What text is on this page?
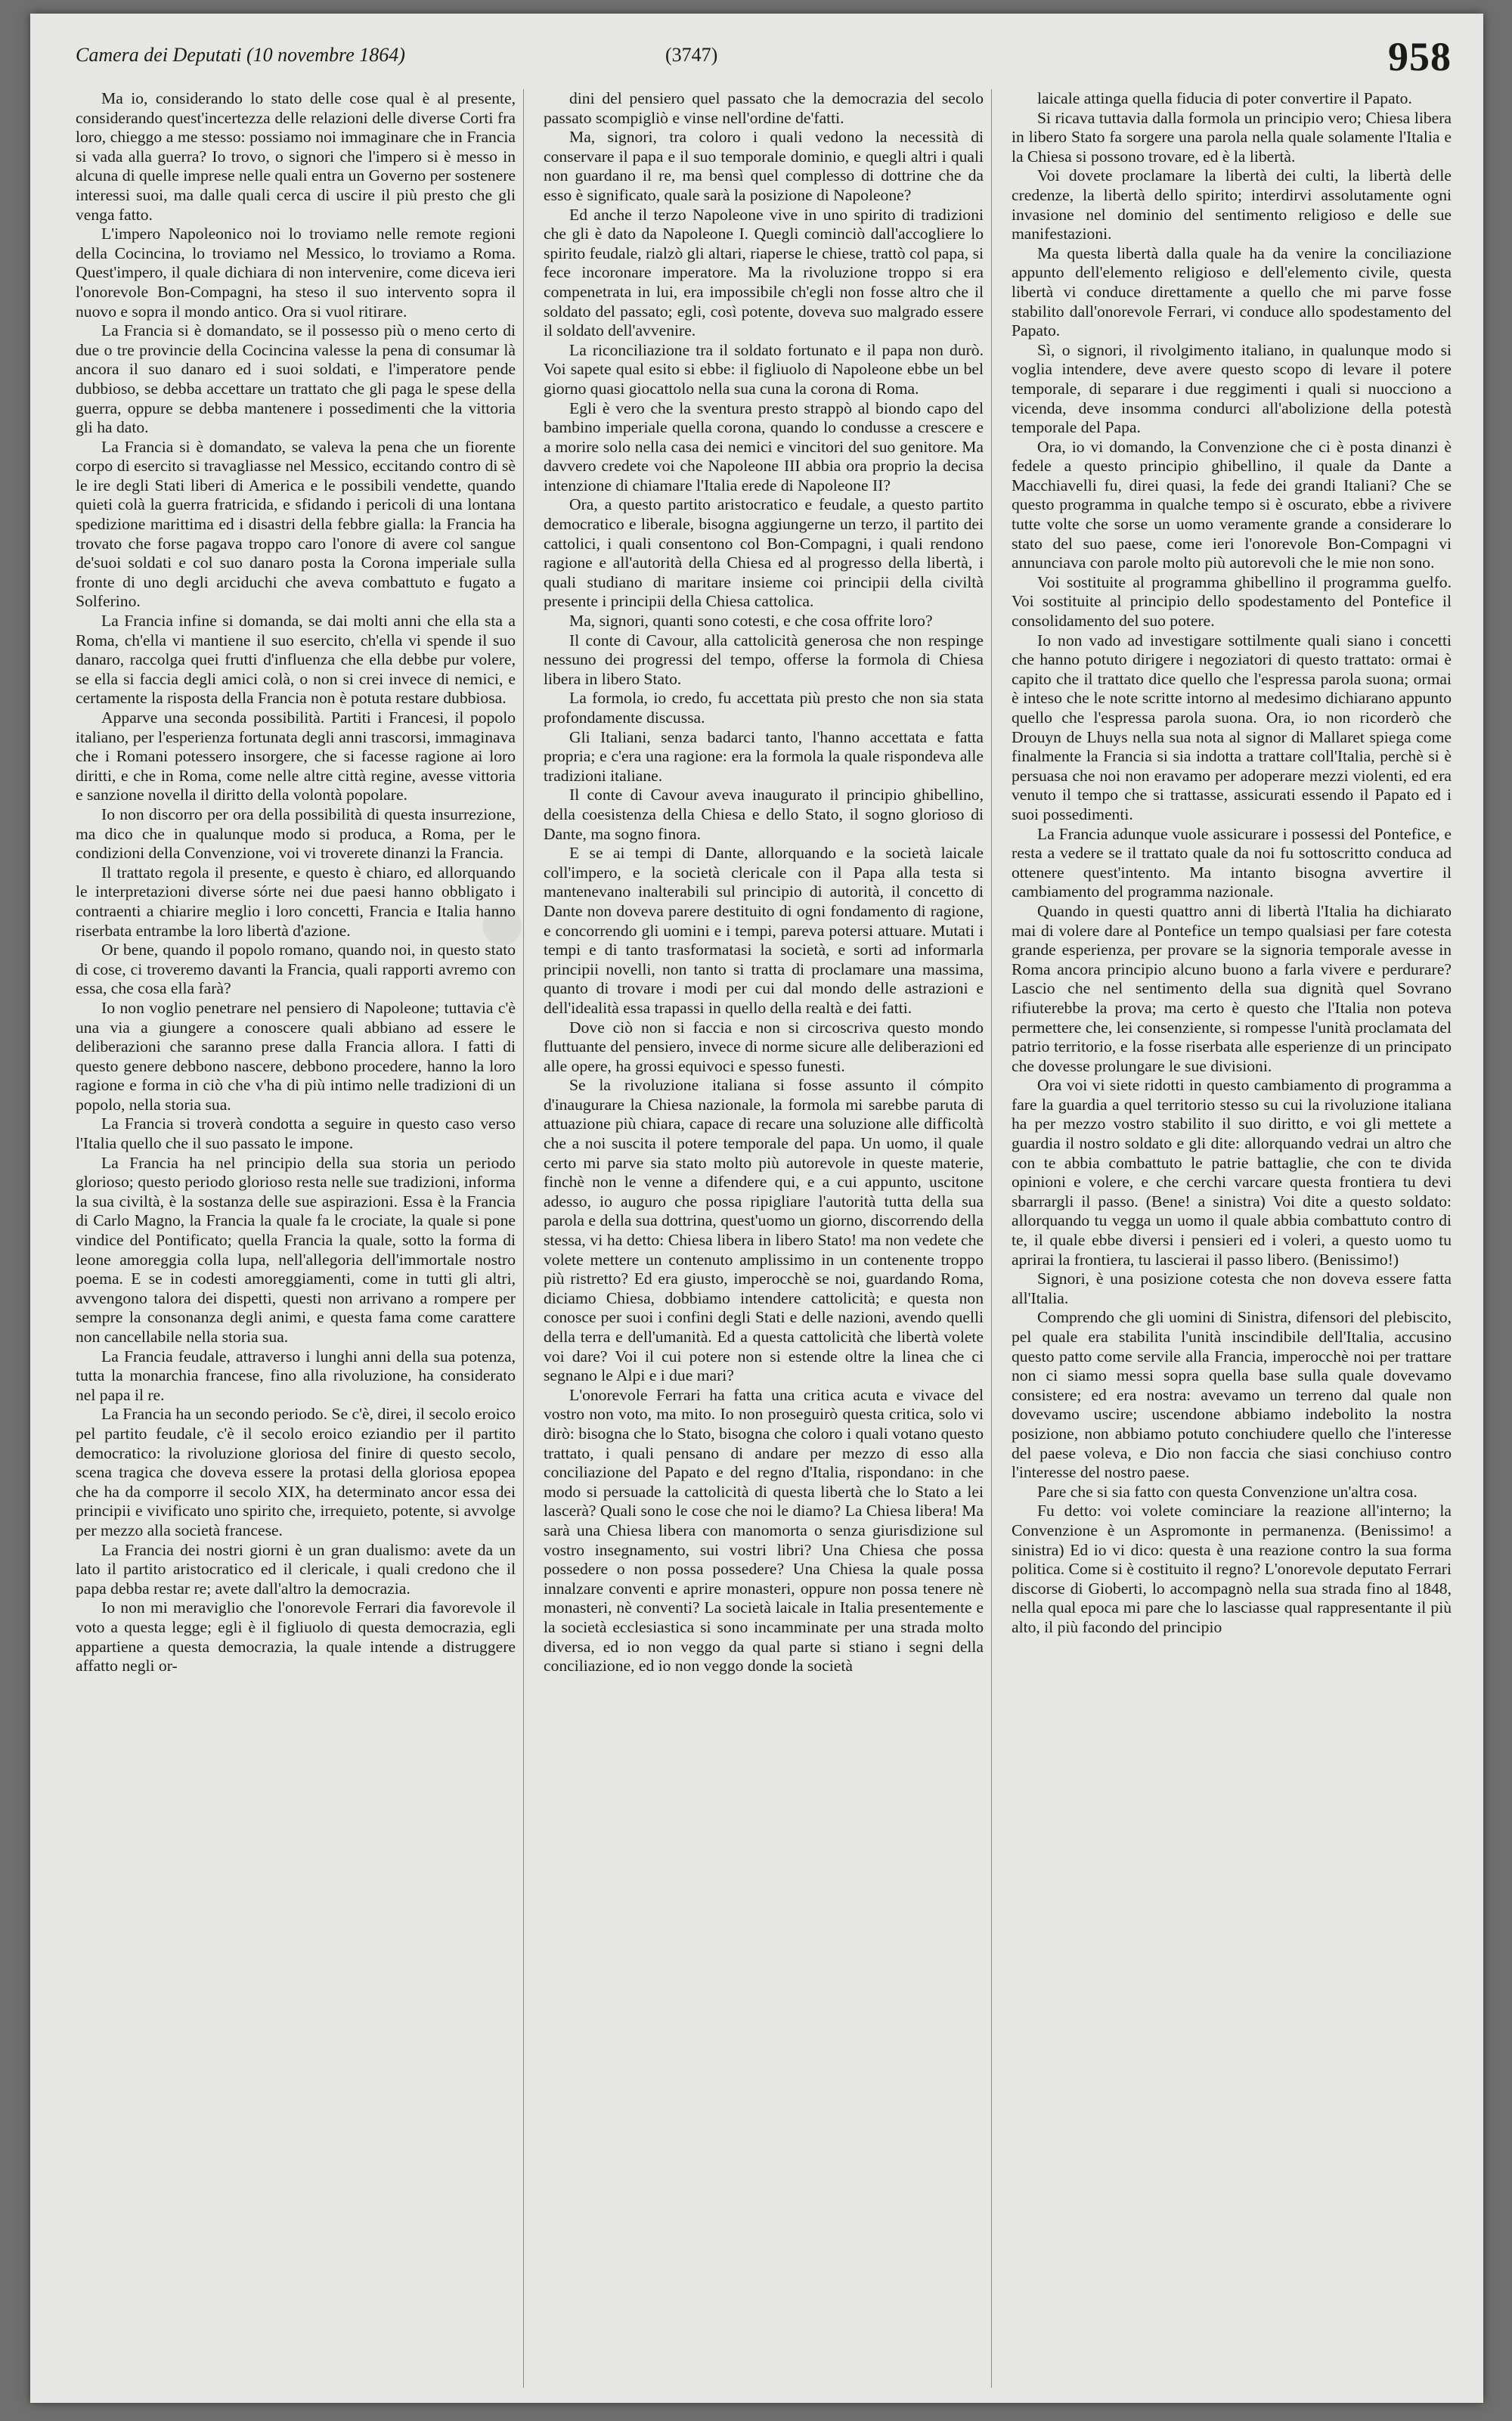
●
Camera dei Deputati (10 novembre 1864)	(3747)	958

Ma io, considerando lo stato delle cose qual è al presente, considerando quest'incertezza delle relazioni delle diverse Corti fra loro, chieggo a me stesso: possiamo noi immaginare che in Francia si vada alla guerra? Io trovo, o signori che l'impero si è messo in alcuna di quelle imprese nelle quali entra un Governo per sostenere interessi suoi, ma dalle quali cerca di uscire il più presto che gli venga fatto.

L'impero Napoleonico noi lo troviamo nelle remote regioni della Cocincina, lo troviamo nel Messico, lo troviamo a Roma. Quest'impero, il quale dichiara di non intervenire, come diceva ieri l'onorevole Bon-Compagni, ha steso il suo intervento sopra il nuovo e sopra il mondo antico. Ora si vuol ritirare.

La Francia si è domandato, se il possesso più o meno certo di due o tre provincie della Cocincina valesse la pena di consumar là ancora il suo danaro ed i suoi soldati, e l'imperatore pende dubbioso, se debba accettare un trattato che gli paga le spese della guerra, oppure se debba mantenere i possedimenti che la vittoria gli ha dato.

La Francia si è domandato, se valeva la pena che un fiorente corpo di esercito si travagliasse nel Messico, eccitando contro di sè le ire degli Stati liberi di America e le possibili vendette, quando quieti colà la guerra fratricida, e sfidando i pericoli di una lontana spedizione marittima ed i disastri della febbre gialla: la Francia ha trovato che forse pagava troppo caro l'onore di avere col sangue de'suoi soldati e col suo danaro posta la Corona imperiale sulla fronte di uno degli arciduchi che aveva combattuto e fugato a Solferino.

La Francia infine si domanda, se dai molti anni che ella sta a Roma, ch'ella vi mantiene il suo esercito, ch'ella vi spende il suo danaro, raccolga quei frutti d'influenza che ella debbe pur volere, se ella si faccia degli amici colà, o non si crei invece di nemici, e certamente la risposta della Francia non è potuta restare dubbiosa.

Apparve una seconda possibilità. Partiti i Francesi, il popolo italiano, per l'esperienza fortunata degli anni trascorsi, immaginava che i Romani potessero insorgere, che si facesse ragione ai loro diritti, e che in Roma, come nelle altre città regine, avesse vittoria e sanzione novella il diritto della volontà popolare.

Io non discorro per ora della possibilità di questa insurrezione, ma dico che in qualunque modo si produca, a Roma, per le condizioni della Convenzione, voi vi troverete dinanzi la Francia.

Il trattato regola il presente, e questo è chiaro, ed allorquando le interpretazioni diverse sórte nei due paesi hanno obbligato i contraenti a chiarire meglio i loro concetti, Francia e Italia hanno riserbata entrambe la loro libertà d'azione.

Or bene, quando il popolo romano, quando noi, in questo stato di cose, ci troveremo davanti la Francia, quali rapporti avremo con essa, che cosa ella farà?

Io non voglio penetrare nel pensiero di Napoleone; tuttavia c'è una via a giungere a conoscere quali abbiano ad essere le deliberazioni che saranno prese dalla Francia allora. I fatti di questo genere debbono nascere, debbono procedere, hanno la loro ragione e forma in ciò che v'ha di più intimo nelle tradizioni di un popolo, nella storia sua.

La Francia si troverà condotta a seguire in questo caso verso l'Italia quello che il suo passato le impone.

La Francia ha nel principio della sua storia un periodo glorioso; questo periodo glorioso resta nelle sue tradizioni, informa la sua civiltà, è la sostanza delle sue aspirazioni. Essa è la Francia di Carlo Magno, la Francia la quale fa le crociate, la quale si pone vindice del Pontificato; quella Francia la quale, sotto la forma di leone amoreggia colla lupa, nell'allegoria dell'immortale nostro poema. E se in codesti amoreggiamenti, come in tutti gli altri, avvengono talora dei dispetti, questi non arrivano a rompere per sempre la consonanza degli animi, e questa fama come carattere non cancellabile nella storia sua.

La Francia feudale, attraverso i lunghi anni della sua potenza, tutta la monarchia francese, fino alla rivoluzione, ha considerato nel papa il re.

La Francia ha un secondo periodo. Se c'è, direi, il secolo eroico pel partito feudale, c'è il secolo eroico eziandio per il partito democratico: la rivoluzione gloriosa del finire di questo secolo, scena tragica che doveva essere la protasi della gloriosa epopea che ha da comporre il secolo XIX, ha determinato ancor essa dei principii e vivificato uno spirito che, irrequieto, potente, si avvolge per mezzo alla società francese.

La Francia dei nostri giorni è un gran dualismo: avete da un lato il partito aristocratico ed il clericale, i quali credono che il papa debba restar re; avete dall'altro la democrazia.

Io non mi meraviglio che l'onorevole Ferrari dia favorevole il voto a questa legge; egli è il figliuolo di questa democrazia, egli appartiene a questa democrazia, la quale intende a distruggere affatto negli or-

dini del pensiero quel passato che la democrazia del secolo passato scompigliò e vinse nell'ordine de'fatti.

Ma, signori, tra coloro i quali vedono la necessità di conservare il papa e il suo temporale dominio, e quegli altri i quali non guardano il re, ma bensì quel complesso di dottrine che da esso è significato, quale sarà la posizione di Napoleone?

Ed anche il terzo Napoleone vive in uno spirito di tradizioni che gli è dato da Napoleone I. Quegli cominciò dall'accogliere lo spirito feudale, rialzò gli altari, riaperse le chiese, trattò col papa, si fece incoronare imperatore. Ma la rivoluzione troppo si era compenetrata in lui, era impossibile ch'egli non fosse altro che il soldato del passato; egli, così potente, doveva suo malgrado essere il soldato dell'avvenire.

La riconciliazione tra il soldato fortunato e il papa non durò. Voi sapete qual esito si ebbe: il figliuolo di Napoleone ebbe un bel giorno quasi giocattolo nella sua cuna la corona di Roma.

Egli è vero che la sventura presto strappò al biondo capo del bambino imperiale quella corona, quando lo condusse a crescere e a morire solo nella casa dei nemici e vincitori del suo genitore. Ma davvero credete voi che Napoleone III abbia ora proprio la decisa intenzione di chiamare l'Italia erede di Napoleone II?

Ora, a questo partito aristocratico e feudale, a questo partito democratico e liberale, bisogna aggiungerne un terzo, il partito dei cattolici, i quali consentono col Bon-Compagni, i quali rendono ragione e all'autorità della Chiesa ed al progresso della libertà, i quali studiano di maritare insieme coi principii della civiltà presente i principii della Chiesa cattolica.

Ma, signori, quanti sono cotesti, e che cosa offrite loro?

Il conte di Cavour, alla cattolicità generosa che non respinge nessuno dei progressi del tempo, offerse la formola di Chiesa libera in libero Stato.

La formola, io credo, fu accettata più presto che non sia stata profondamente discussa.

Gli Italiani, senza badarci tanto, l'hanno accettata e fatta propria; e c'era una ragione: era la formola la quale rispondeva alle tradizioni italiane.

Il conte di Cavour aveva inaugurato il principio ghibellino, della coesistenza della Chiesa e dello Stato, il sogno glorioso di Dante, ma sogno finora.

E se ai tempi di Dante, allorquando e la società laicale coll'impero, e la società clericale con il Papa alla testa si mantenevano inalterabili sul principio di autorità, il concetto di Dante non doveva parere destituito di ogni fondamento di ragione, e concorrendo gli uomini e i tempi, pareva potersi attuare. Mutati i tempi e di tanto trasformatasi la società, e sorti ad informarla principii novelli, non tanto si tratta di proclamare una massima, quanto di trovare i modi per cui dal mondo delle astrazioni e dell'idealità essa trapassi in quello della realtà e dei fatti.

Dove ciò non si faccia e non si circoscriva questo mondo fluttuante del pensiero, invece di norme sicure alle deliberazioni ed alle opere, ha grossi equivoci e spesso funesti.

Se la rivoluzione italiana si fosse assunto il cómpito d'inaugurare la Chiesa nazionale, la formola mi sarebbe paruta di attuazione più chiara, capace di recare una soluzione alle difficoltà che a noi suscita il potere temporale del papa. Un uomo, il quale certo mi parve sia stato molto più autorevole in queste materie, finchè non le venne a difendere qui, e a cui appunto, uscitone adesso, io auguro che possa ripigliare l'autorità tutta della sua parola e della sua dottrina, quest'uomo un giorno, discorrendo della stessa, vi ha detto: Chiesa libera in libero Stato! ma non vedete che volete mettere un contenuto amplissimo in un contenente troppo più ristretto? Ed era giusto, imperocchè se noi, guardando Roma, diciamo Chiesa, dobbiamo intendere cattolicità; e questa non conosce per suoi i confini degli Stati e delle nazioni, avendo quelli della terra e dell'umanità. Ed a questa cattolicità che libertà volete voi dare? Voi il cui potere non si estende oltre la linea che ci segnano le Alpi e i due mari?

L'onorevole Ferrari ha fatta una critica acuta e vivace del vostro non voto, ma mito. Io non proseguirò questa critica, solo vi dirò: bisogna che lo Stato, bisogna che coloro i quali votano questo trattato, i quali pensano di andare per mezzo di esso alla conciliazione del Papato e del regno d'Italia, rispondano: in che modo si persuade la cattolicità di questa libertà che lo Stato a lei lascerà? Quali sono le cose che noi le diamo? La Chiesa libera! Ma sarà una Chiesa libera con manomorta o senza giurisdizione sul vostro insegnamento, sui vostri libri? Una Chiesa che possa possedere o non possa possedere? Una Chiesa la quale possa innalzare conventi e aprire monasteri, oppure non possa tenere nè monasteri, nè conventi? La società laicale in Italia presentemente e la società ecclesiastica si sono incamminate per una strada molto diversa, ed io non veggo da qual parte si stiano i segni della conciliazione, ed io non veggo donde la società

laicale attinga quella fiducia di poter convertire il Papato.

Si ricava tuttavia dalla formola un principio vero; Chiesa libera in libero Stato fa sorgere una parola nella quale solamente l'Italia e la Chiesa si possono trovare, ed è la libertà.

Voi dovete proclamare la libertà dei culti, la libertà delle credenze, la libertà dello spirito; interdirvi assolutamente ogni invasione nel dominio del sentimento religioso e delle sue manifestazioni.

Ma questa libertà dalla quale ha da venire la conciliazione appunto dell'elemento religioso e dell'elemento civile, questa libertà vi conduce direttamente a quello che mi parve fosse stabilito dall'onorevole Ferrari, vi conduce allo spodestamento del Papato.

Sì, o signori, il rivolgimento italiano, in qualunque modo si voglia intendere, deve avere questo scopo di levare il potere temporale, di separare i due reggimenti i quali si nuocciono a vicenda, deve insomma condurci all'abolizione della potestà temporale del Papa.

Ora, io vi domando, la Convenzione che ci è posta dinanzi è fedele a questo principio ghibellino, il quale da Dante a Macchiavelli fu, direi quasi, la fede dei grandi Italiani? Che se questo programma in qualche tempo si è oscurato, ebbe a rivivere tutte volte che sorse un uomo veramente grande a considerare lo stato del suo paese, come ieri l'onorevole Bon-Compagni vi annunciava con parole molto più autorevoli che le mie non sono.

Voi sostituite al programma ghibellino il programma guelfo. Voi sostituite al principio dello spodestamento del Pontefice il consolidamento del suo potere.

Io non vado ad investigare sottilmente quali siano i concetti che hanno potuto dirigere i negoziatori di questo trattato: ormai è capito che il trattato dice quello che l'espressa parola suona; ormai è inteso che le note scritte intorno al medesimo dichiarano appunto quello che l'espressa parola suona. Ora, io non ricorderò che Drouyn de Lhuys nella sua nota al signor di Mallaret spiega come finalmente la Francia si sia indotta a trattare coll'Italia, perchè si è persuasa che noi non eravamo per adoperare mezzi violenti, ed era venuto il tempo che si trattasse, assicurati essendo il Papato ed i suoi possedimenti.

La Francia adunque vuole assicurare i possessi del Pontefice, e resta a vedere se il trattato quale da noi fu sottoscritto conduca ad ottenere quest'intento. Ma intanto bisogna avvertire il cambiamento del programma nazionale.

Quando in questi quattro anni di libertà l'Italia ha dichiarato mai di volere dare al Pontefice un tempo qualsiasi per fare cotesta grande esperienza, per provare se la signoria temporale avesse in Roma ancora principio alcuno buono a farla vivere e perdurare? Lascio che nel sentimento della sua dignità quel Sovrano rifiuterebbe la prova; ma certo è questo che l'Italia non poteva permettere che, lei consenziente, si rompesse l'unità proclamata del patrio territorio, e la fosse riserbata alle esperienze di un principato che dovesse prolungare le sue divisioni.

Ora voi vi siete ridotti in questo cambiamento di programma a fare la guardia a quel territorio stesso su cui la rivoluzione italiana ha per mezzo vostro stabilito il suo diritto, e voi gli mettete a guardia il nostro soldato e gli dite: allorquando vedrai un altro che con te abbia combattuto le patrie battaglie, che con te divida opinioni e volere, e che cerchi varcare questa frontiera tu devi sbarrargli il passo. (Bene! a sinistra) Voi dite a questo soldato: allorquando tu vegga un uomo il quale abbia combattuto contro di te, il quale ebbe diversi i pensieri ed i voleri, a questo uomo tu aprirai la frontiera, tu lascierai il passo libero. (Benissimo!)

Signori, è una posizione cotesta che non doveva essere fatta all'Italia.

Comprendo che gli uomini di Sinistra, difensori del plebiscito, pel quale era stabilita l'unità inscindibile dell'Italia, accusino questo patto come servile alla Francia, imperocchè noi per trattare non ci siamo messi sopra quella base sulla quale dovevamo consistere; ed era nostra: avevamo un terreno dal quale non dovevamo uscire; uscendone abbiamo indebolito la nostra posizione, non abbiamo potuto conchiudere quello che l'interesse del paese voleva, e Dio non faccia che siasi conchiuso contro l'interesse del nostro paese.

Pare che si sia fatto con questa Convenzione un'altra cosa.

Fu detto: voi volete cominciare la reazione all'interno; la Convenzione è un Aspromonte in permanenza. (Benissimo! a sinistra) Ed io vi dico: questa è una reazione contro la sua forma politica. Come si è costituito il regno? L'onorevole deputato Ferrari discorse di Gioberti, lo accompagnò nella sua strada fino al 1848, nella qual epoca mi pare che lo lasciasse qual rappresentante il più alto, il più facondo del principio
